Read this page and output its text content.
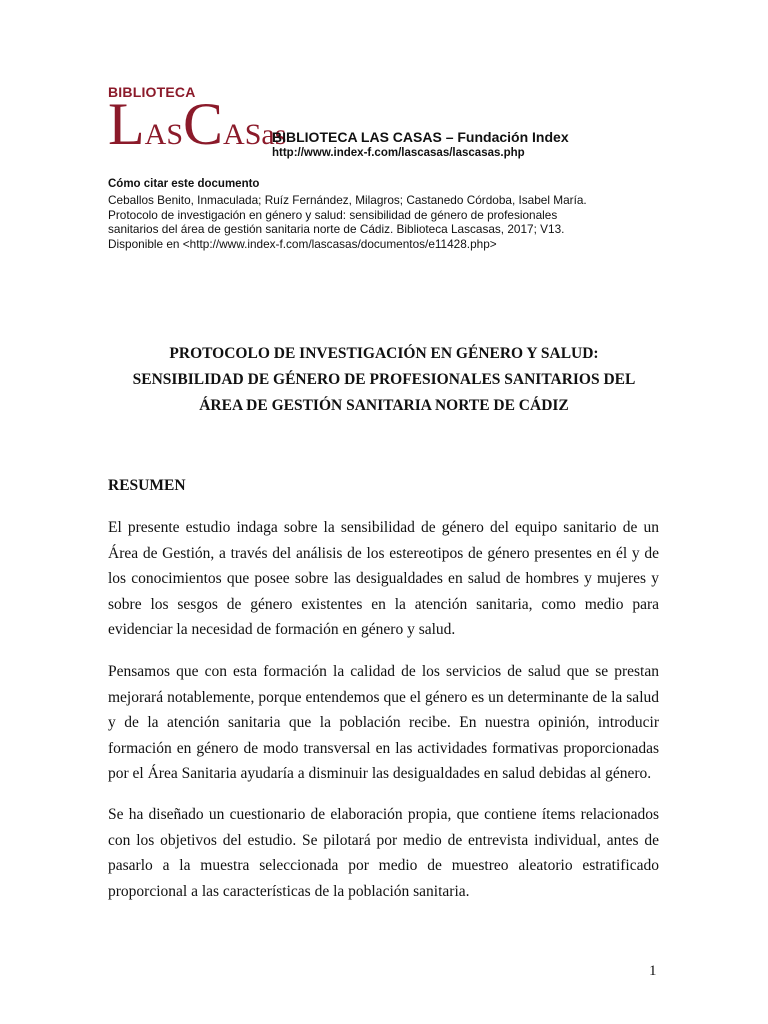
BIBLIOTECA
LASCASas
BIBLIOTECA LAS CASAS – Fundación Index
http://www.index-f.com/lascasas/lascasas.php
Cómo citar este documento
Ceballos Benito, Inmaculada; Ruíz Fernández, Milagros; Castanedo Córdoba, Isabel María.
Protocolo de investigación en género y salud: sensibilidad de género de profesionales
sanitarios del área de gestión sanitaria norte de Cádiz. Biblioteca Lascasas, 2017; V13.
Disponible en <http://www.index-f.com/lascasas/documentos/e11428.php>
PROTOCOLO DE INVESTIGACIÓN EN GÉNERO Y SALUD:
SENSIBILIDAD DE GÉNERO DE PROFESIONALES SANITARIOS DEL
ÁREA DE GESTIÓN SANITARIA NORTE DE CÁDIZ
RESUMEN
El presente estudio indaga sobre la sensibilidad de género del equipo sanitario de un Área de Gestión, a través del análisis de los estereotipos de género presentes en él y de los conocimientos que posee sobre las desigualdades en salud de hombres y mujeres y sobre los sesgos de género existentes en la atención sanitaria, como medio para evidenciar la necesidad de formación en género y salud.
Pensamos que con esta formación la calidad de los servicios de salud que se prestan mejorará notablemente, porque entendemos que el género es un determinante de la salud y de la atención sanitaria que la población recibe. En nuestra opinión, introducir formación en género de modo transversal en las actividades formativas proporcionadas por el Área Sanitaria ayudaría a disminuir las desigualdades en salud debidas al género.
Se ha diseñado un cuestionario de elaboración propia, que contiene ítems relacionados con los objetivos del estudio. Se pilotará por medio de entrevista individual, antes de pasarlo a la muestra seleccionada por medio de muestreo aleatorio estratificado proporcional a las características de la población sanitaria.
1
